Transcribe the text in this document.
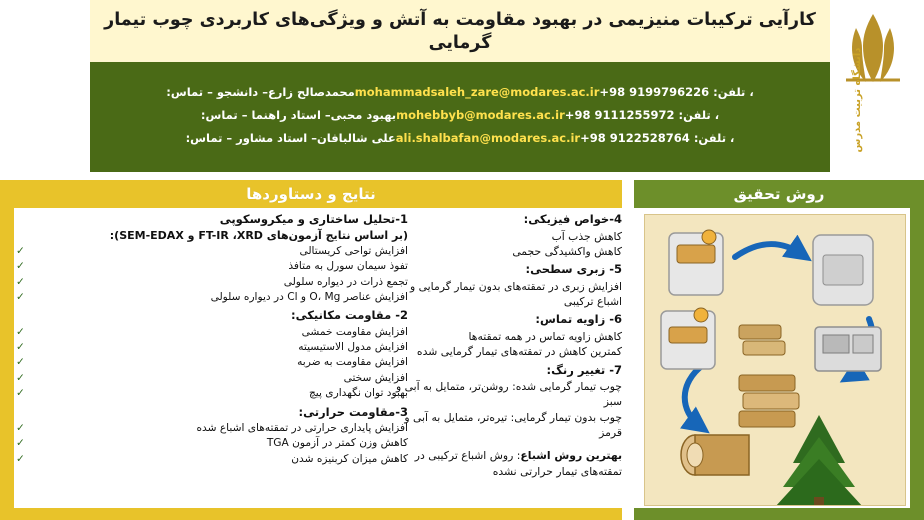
کارآیی ترکیبات منیزیمی در بهبود مقاومت به آتش و ویژگی‌های کاربردی چوب تیمار گرمایی
، تلفن: 9199796226 98+mohammadsaleh_zare@modares.ac.irمحمدصالح زارع– دانشجو – تماس:
، تلفن: 9111255972 98+mohebbyb@modares.ac.irبهبود محبی– استاد راهنما – تماس:
، تلفن: 9122528764 98+ali.shalbafan@modares.ac.irعلی شالبافان– استاد مشاور – تماس:	دانشگاه تربیت مدرس
نتایج و دستاوردها	روش تحقیق
1-تحلیل ساختاری و میکروسکوپی
(بر اساس نتایج آزمون‌های FT-IR ،XRD و SEM-EDAX):
✓	افزایش تواحی کریستالی
✓	تفوذ سیمان سورل به متافذ
✓	تجمع ذرات در دیواره سلولی
✓	افزایش عناصر O، Mg و Cl در دیواره سلولی
2- مقاومت مکانیکی:
✓	افزایش مقاومت خمشی
✓	افزایش مدول الاستیسیته
✓	افزایش مقاومت به ضربه
✓	افزایش سختی
✓	بهبود توان نگهداری پیچ
3-مقاومت حرارتی:
✓	افزایش پایداری حرارتی در تمقته‌های اشباع شده
✓	کاهش وزن کمتر در آزمون TGA
✓	کاهش میزان کربنیزه شدن
4-خواص فیزیکی:
کاهش جذب آب
کاهش واکشیدگی حجمی
5- زبری سطحی:
افزایش زبری در تمقته‌های بدون تیمار گرمایی و اشباع ترکیبی
6- زاویه تماس:
کاهش زاویه تماس در همه تمقته‌ها
کمترین کاهش در تمقته‌های تیمار گرمایی شده
7- تغییر رنگ:
چوب تیمار گرمایی شده: روشن‌تر، متمایل به آبی و سبز
چوب بدون تیمار گرمایی: تیره‌تر، متمایل به آبی و قرمز
بهترین روش اشباع: روش اشباع ترکیبی در تمقته‌های تیمار حرارتی نشده
